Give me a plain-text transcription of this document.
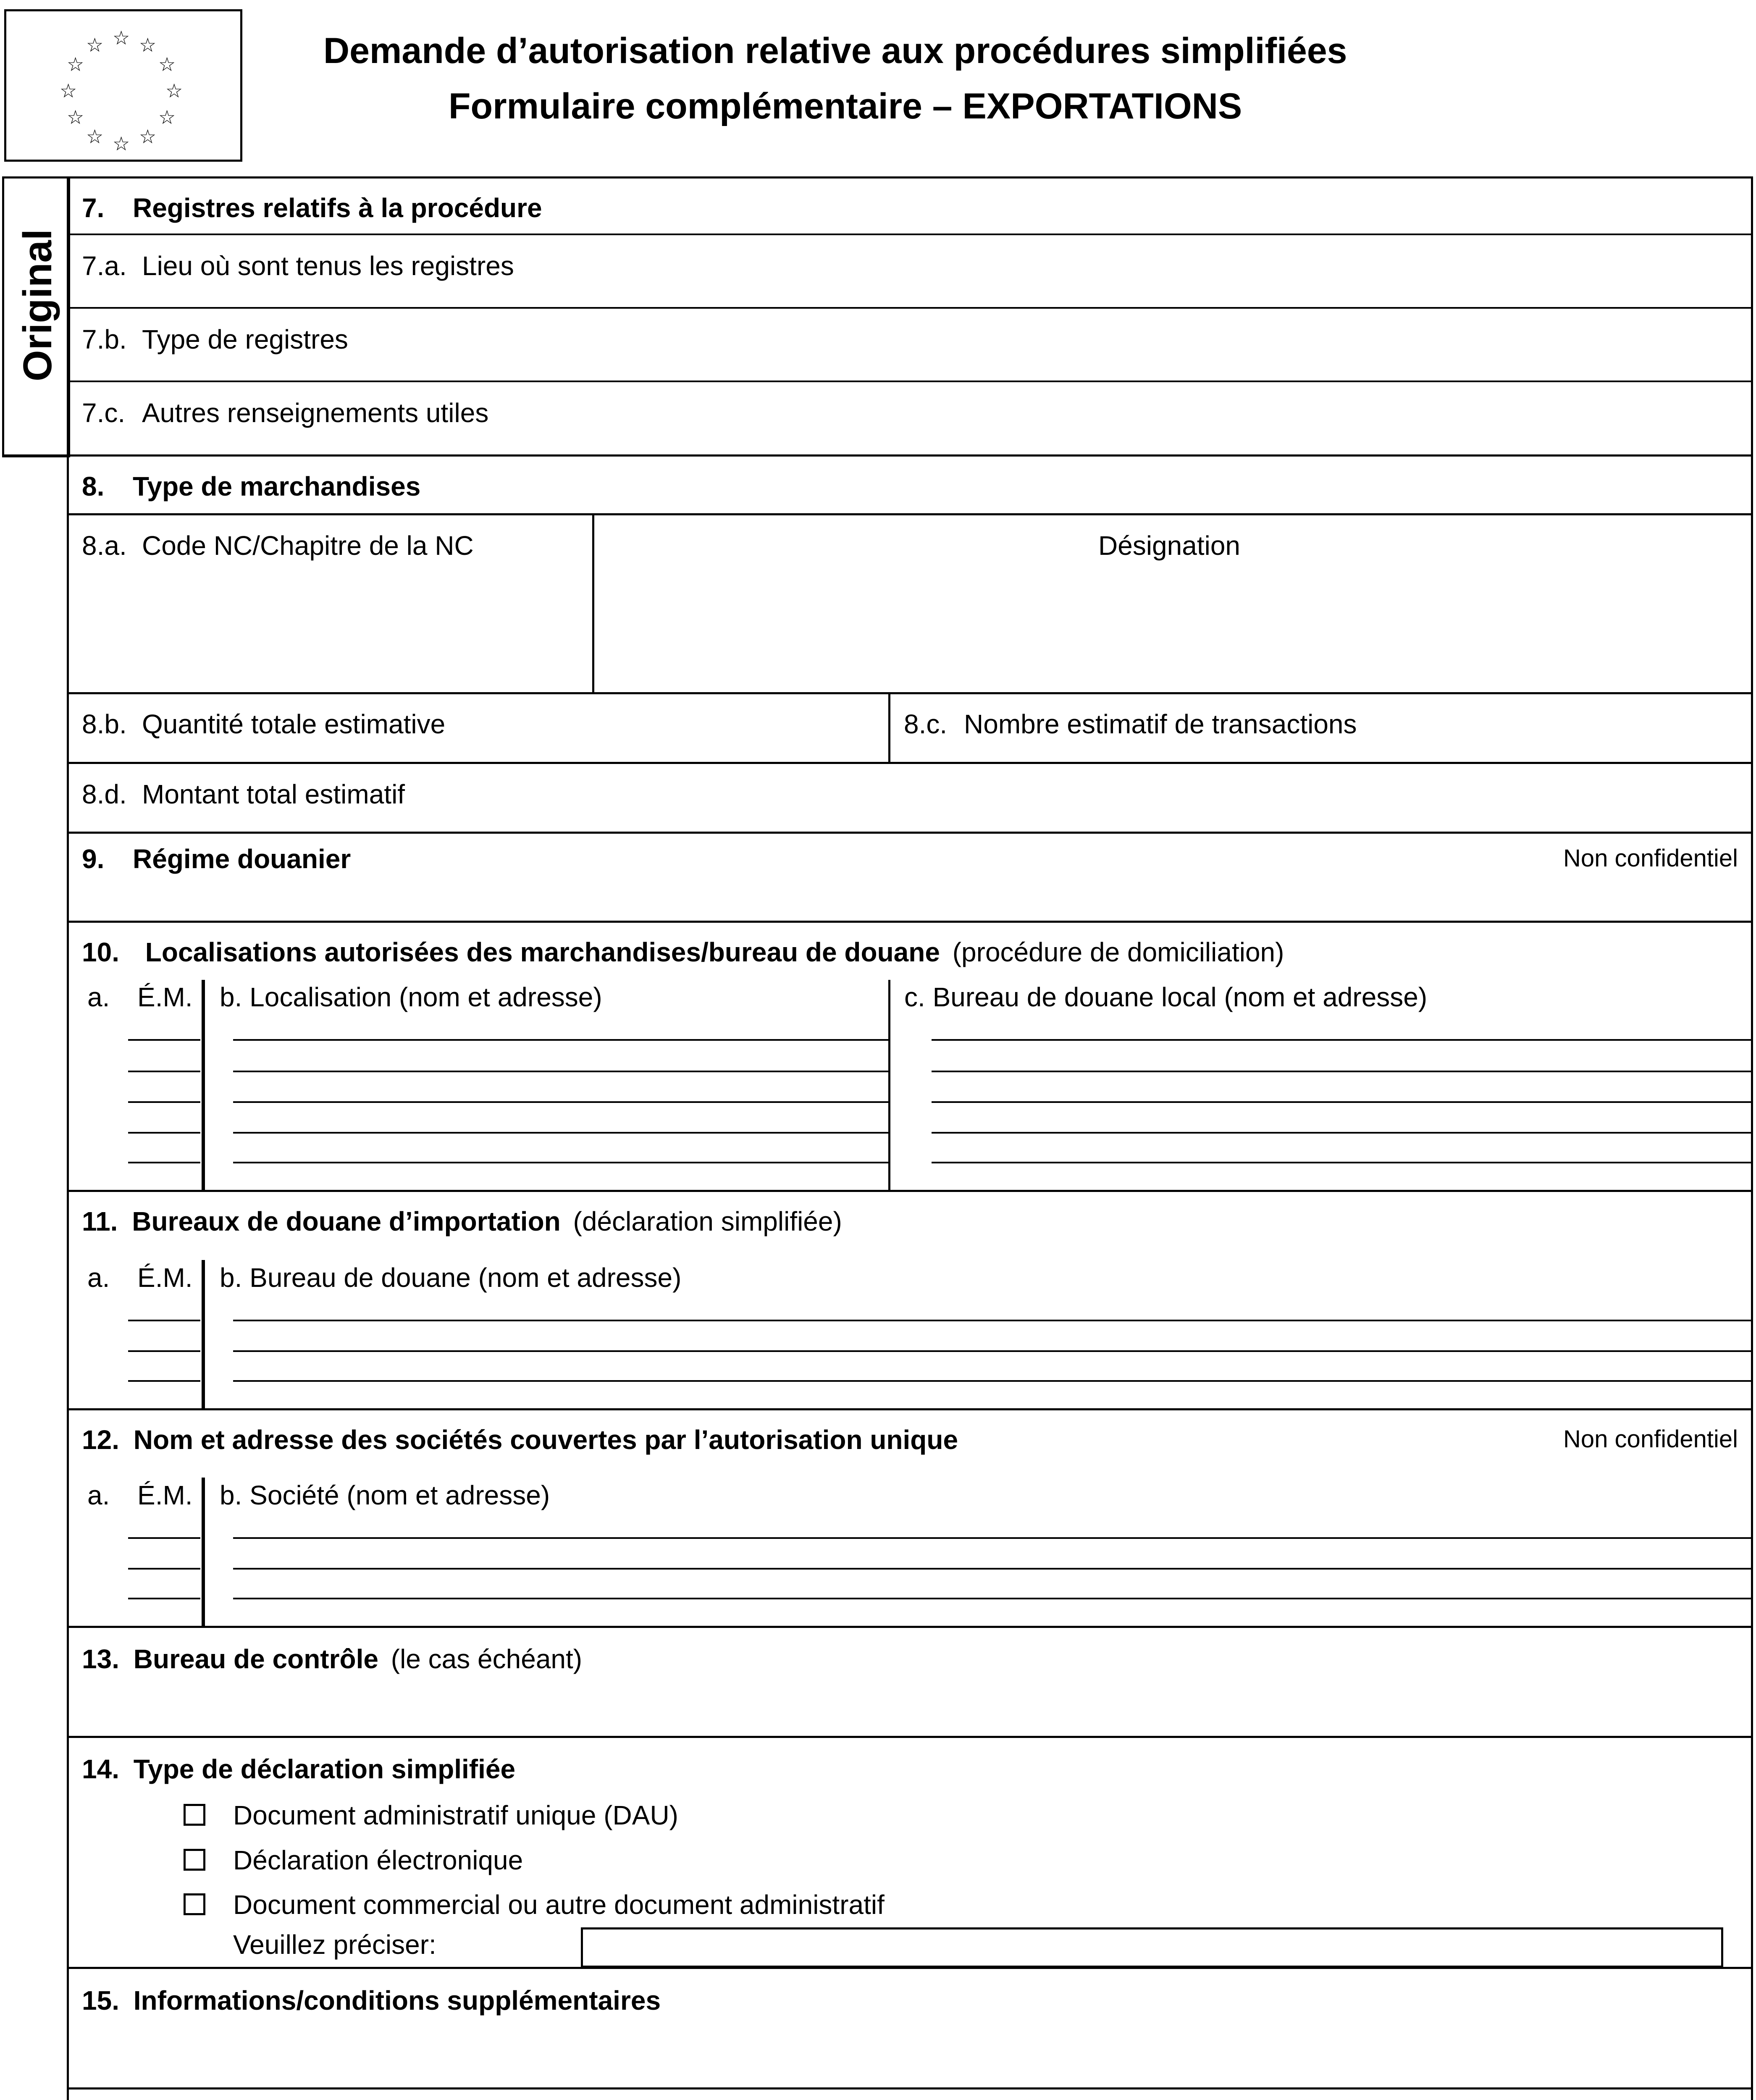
☆ ☆
☆
☆
☆
☆
☆
☆
☆
☆
☆
☆	Demande d’autorisation relative aux procédures simplifiées
Formulaire complémentaire – EXPORTATIONS
Original
7. Registres relatifs à la procédure
7.a. Lieu où sont tenus les registres
7.b. Type de registres
7.c. Autres renseignements utiles
8. Type de marchandises
8.a. Code NC/Chapitre de la NC	Désignation
8.b. Quantité totale estimative	8.c. Nombre estimatif de transactions
8.d. Montant total estimatif
9. Régime douanier	Non confidentiel
10. Localisations autorisées des marchandises/bureau de douane (procédure de domiciliation)
a. É.M. b. Localisation (nom et adresse)	c. Bureau de douane local (nom et adresse)
11. Bureaux de douane d’importation (déclaration simplifiée)
a. É.M. b. Bureau de douane (nom et adresse)
12. Nom et adresse des sociétés couvertes par l’autorisation unique	Non confidentiel
a. É.M. b. Société (nom et adresse)
13. Bureau de contrôle (le cas échéant)
14. Type de déclaration simplifiée
Document administratif unique (DAU)
Déclaration électronique
Document commercial ou autre document administratif
Veuillez préciser:
15. Informations/conditions supplémentaires
